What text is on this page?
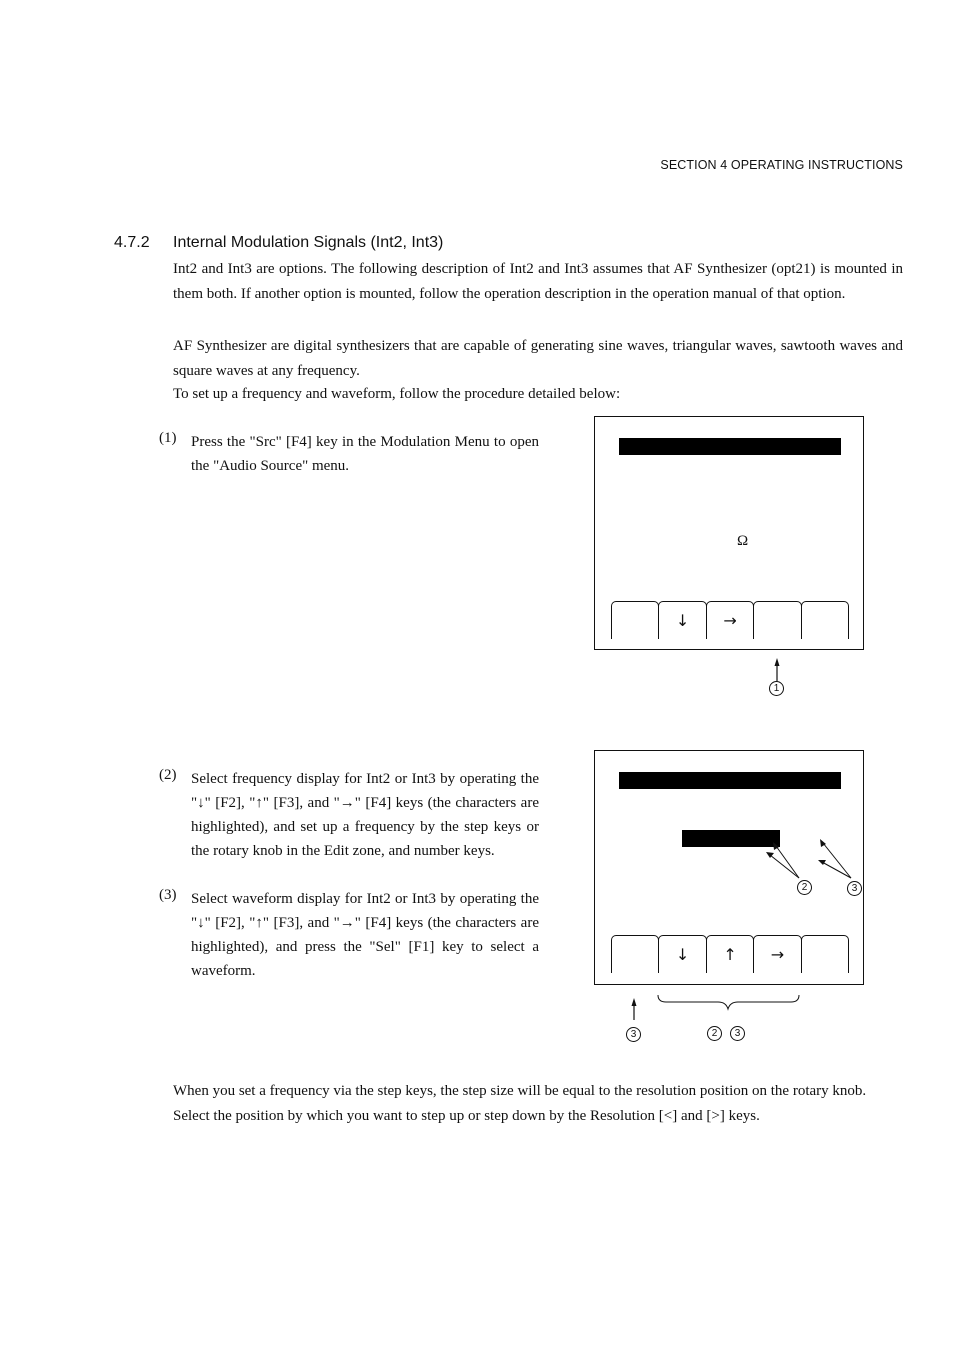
SECTION 4 OPERATING INSTRUCTIONS
4.7.2 Internal Modulation Signals (Int2, Int3)
Int2 and Int3 are options. The following description of Int2 and Int3 assumes that AF Synthesizer (opt21) is mounted in them both. If another option is mounted, follow the operation description in the operation manual of that option.
AF Synthesizer are digital synthesizers that are capable of generating sine waves, triangular waves, sawtooth waves and square waves at any frequency.
To set up a frequency and waveform, follow the procedure detailed below:
(1) Press the "Src" [F4] key in the Modulation Menu to open the "Audio Source" menu.
Ω
↓	→
1
(2) Select frequency display for Int2 or Int3 by operating the "↓" [F2], "↑" [F3], and "→" [F4] keys (the characters are highlighted), and set up a frequency by the step keys or the rotary knob in the Edit zone, and number keys.
(3) Select waveform display for Int2 or Int3 by operating the "↓" [F2], "↑" [F3], and "→" [F4] keys (the characters are highlighted), and press the "Sel" [F1] key to select a waveform.
↓	↑	→
2	3
3	2	3
When you set a frequency via the step keys, the step size will be equal to the resolution position on the rotary knob.
Select the position by which you want to step up or step down by the Resolution [<] and [>] keys.
